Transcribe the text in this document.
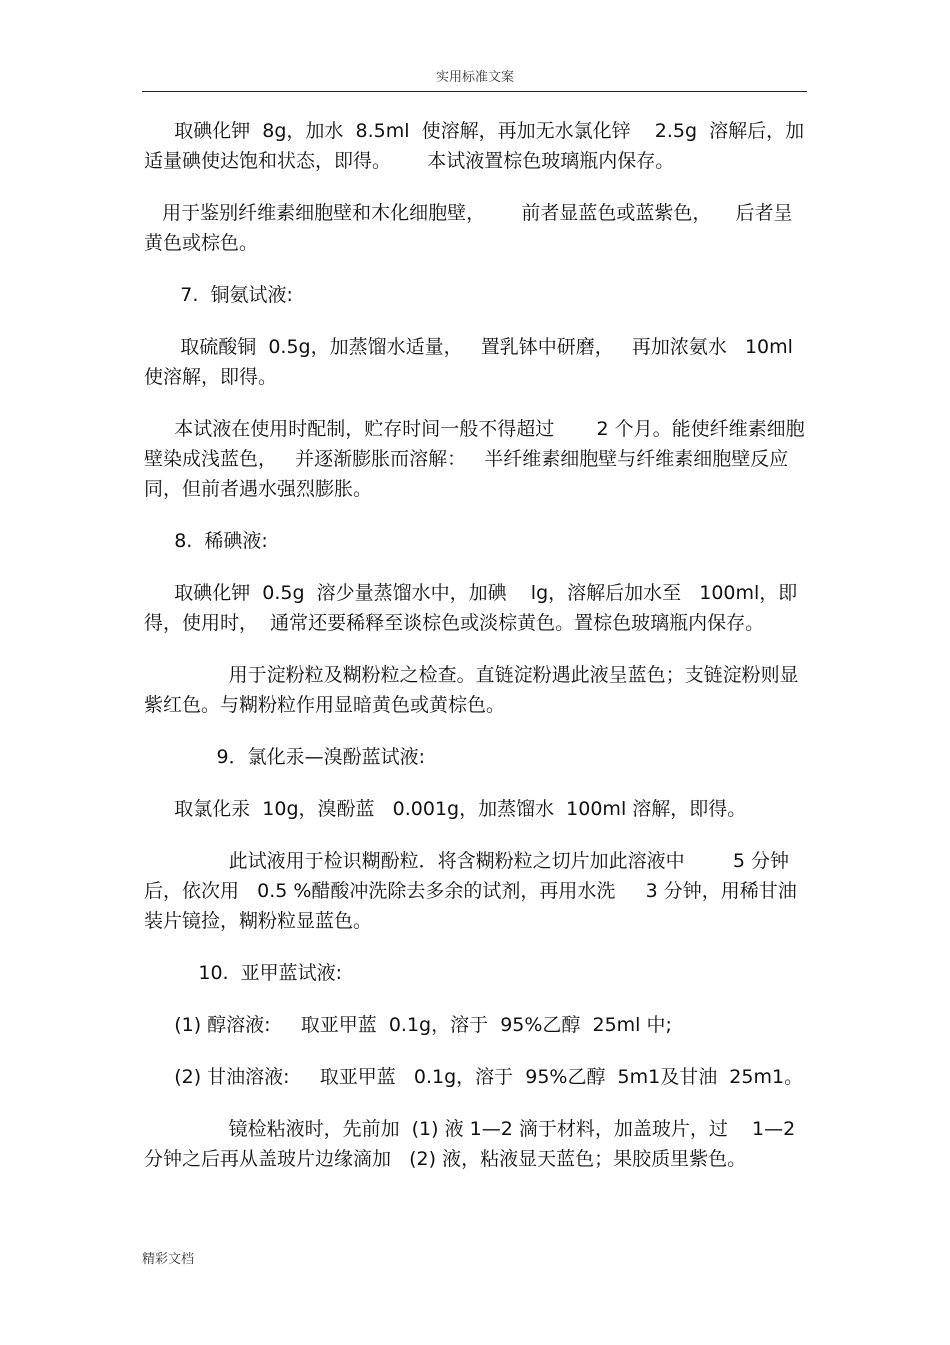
实用标准文案

取碘化钾  8g，加水  8.5ml  使溶解，再加无水氯化锌    2.5g  溶解后，加适量碘使达饱和状态，即得。      本试液置棕色玻璃瓶内保存。

用于鉴别纤维素细胞壁和木化细胞壁，      前者显蓝色或蓝紫色，    后者呈黄色或棕色。

7.  铜氨试液:

取硫酸铜  0.5g，加蒸馏水适量，   置乳钵中研磨，   再加浓氨水   10ml使溶解，即得。

本试液在使用时配制，贮存时间一般不得超过       2 个月。能使纤维素细胞壁染成浅蓝色，   并逐渐膨胀而溶解：   半纤维素细胞壁与纤维素细胞壁反应同，但前者遇水强烈膨胀。

8.  稀碘液:

取碘化钾  0.5g  溶少量蒸馏水中，加碘    lg，溶解后加水至   100ml，即得，使用时，  通常还要稀释至谈棕色或淡棕黄色。置棕色玻璃瓶内保存。

用于淀粉粒及糊粉粒之检查。直链淀粉遇此液呈蓝色；支链淀粉则显紫红色。与糊粉粒作用显暗黄色或黄棕色。

9．氯化汞—溴酚蓝试液:

取氯化汞  10g，溴酚蓝   0.001g，加蒸馏水  100ml 溶解，即得。

此试液用于检识糊酚粒．将含糊粉粒之切片加此溶液中        5 分钟后，依次用   0.5 %醋酸冲洗除去多余的试剂，再用水洗     3 分钟，用稀甘油装片镜捡，糊粉粒显蓝色。

10.  亚甲蓝试液:

(1) 醇溶液:     取亚甲蓝  0.1g，溶于  95%乙醇  25ml 中;

(2) 甘油溶液:     取亚甲蓝   0.1g，溶于  95%乙醇  5m1及甘油  25m1。

镜检粘液时，先前加  (1) 液 1—2 滴于材料，加盖玻片，过    1—2 分钟之后再从盖玻片边缘滴加   (2) 液，粘液显天蓝色；果胶质里紫色。

精彩文档
